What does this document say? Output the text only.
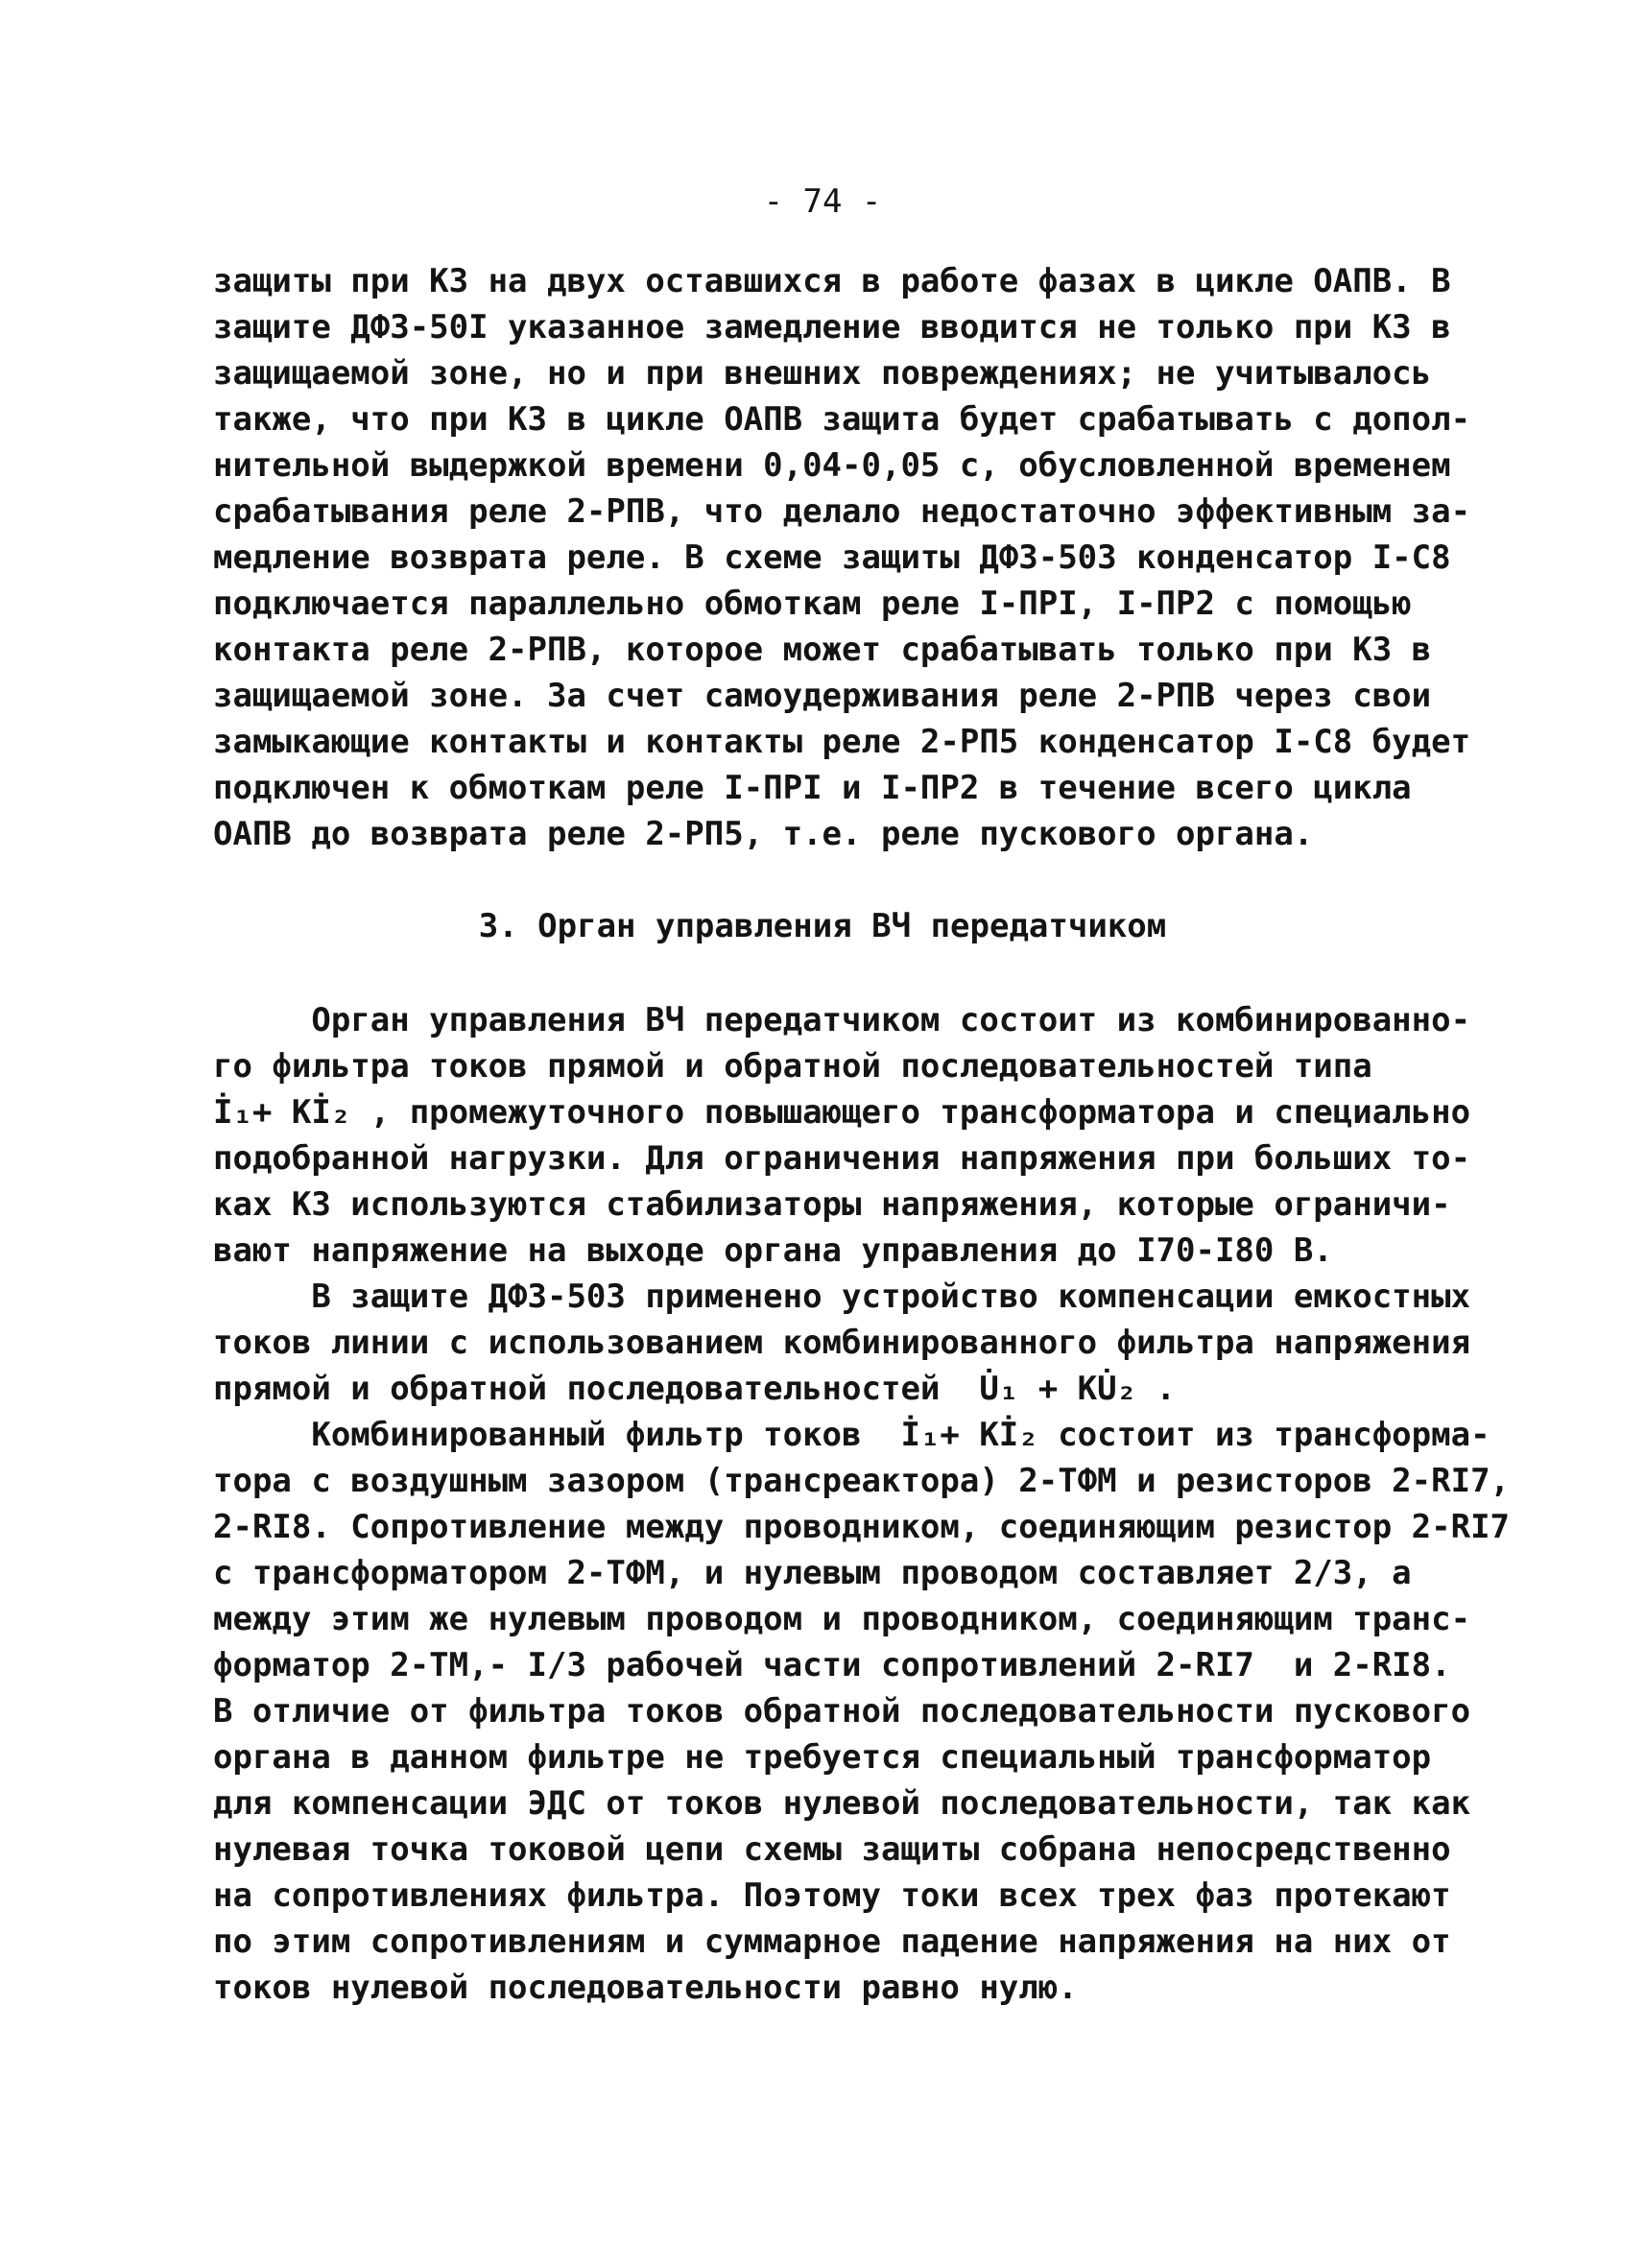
- 74 -
защиты при КЗ на двух оставшихся в работе фазах в цикле ОАПВ. В
защите ДФЗ-50I указанное замедление вводится не только при КЗ в
защищаемой зоне, но и при внешних повреждениях; не учитывалось
также, что при КЗ в цикле ОАПВ защита будет срабатывать с допол-
нительной выдержкой времени 0,04-0,05 с, обусловленной временем
срабатывания реле 2-РПВ, что делало недостаточно эффективным за-
медление возврата реле. В схеме защиты ДФЗ-503 конденсатор I-С8
подключается параллельно обмоткам реле I-ПРI, I-ПР2 с помощью
контакта реле 2-РПВ, которое может срабатывать только при КЗ в
защищаемой зоне. За счет самоудерживания реле 2-РПВ через свои
замыкающие контакты и контакты реле 2-РП5 конденсатор I-С8 будет
подключен к обмоткам реле I-ПРI и I-ПР2 в течение всего цикла
ОАПВ до возврата реле 2-РП5, т.е. реле пускового органа.
3. Орган управления ВЧ передатчиком
Орган управления ВЧ передатчиком состоит из комбинированно-
го фильтра токов прямой и обратной последовательностей типа
İ₁+ Kİ₂ , промежуточного повышающего трансформатора и специально
подобранной нагрузки. Для ограничения напряжения при больших то-
ках КЗ используются стабилизаторы напряжения, которые ограничи-
вают напряжение на выходе органа управления до I70-I80 В.
В защите ДФЗ-503 применено устройство компенсации емкостных
токов линии с использованием комбинированного фильтра напряжения
прямой и обратной последовательностей  U̇₁ + KU̇₂ .
Комбинированный фильтр токов  İ₁+ Kİ₂ состоит из трансформа-
тора с воздушным зазором (трансреактора) 2-ТФМ и резисторов 2-RI7,
2-RI8. Сопротивление между проводником, соединяющим резистор 2-RI7
с трансформатором 2-ТФМ, и нулевым проводом составляет 2/3, а
между этим же нулевым проводом и проводником, соединяющим транс-
форматор 2-ТМ,- I/3 рабочей части сопротивлений 2-RI7  и 2-RI8.
В отличие от фильтра токов обратной последовательности пускового
органа в данном фильтре не требуется специальный трансформатор
для компенсации ЭДС от токов нулевой последовательности, так как
нулевая точка токовой цепи схемы защиты собрана непосредственно
на сопротивлениях фильтра. Поэтому токи всех трех фаз протекают
по этим сопротивлениям и суммарное падение напряжения на них от
токов нулевой последовательности равно нулю.
